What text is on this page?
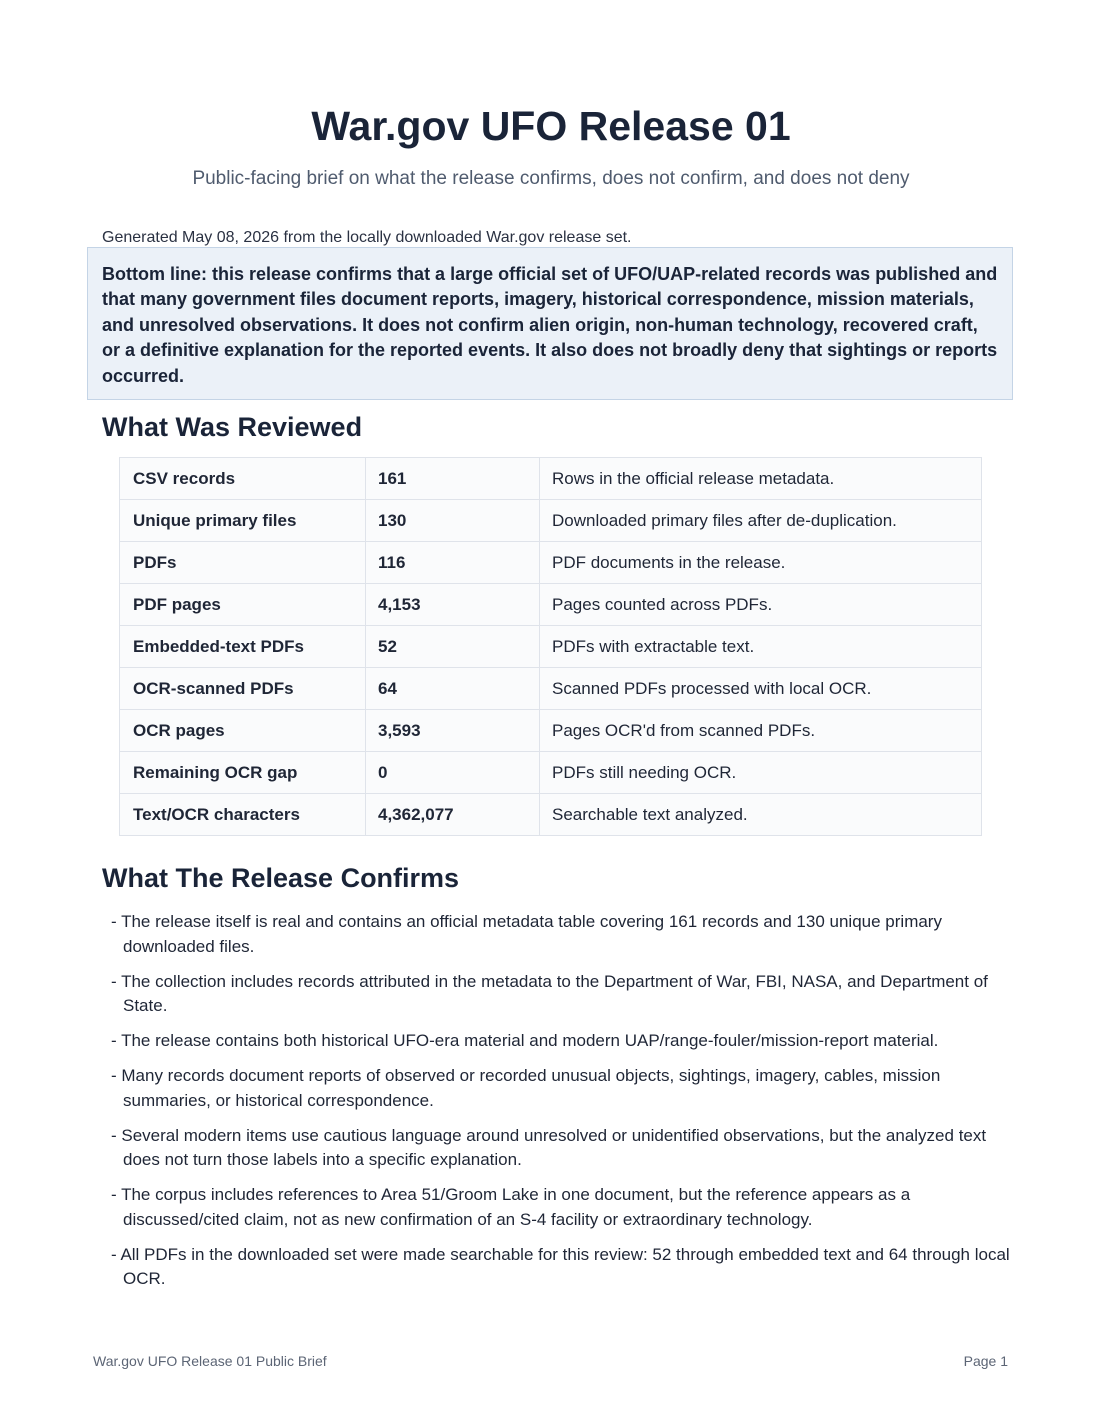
War.gov UFO Release 01

Public-facing brief on what the release confirms, does not confirm, and does not deny

Generated May 08, 2026 from the locally downloaded War.gov release set.

Bottom line: this release confirms that a large official set of UFO/UAP-related records was published and that many government files document reports, imagery, historical correspondence, mission materials, and unresolved observations. It does not confirm alien origin, non-human technology, recovered craft, or a definitive explanation for the reported events. It also does not broadly deny that sightings or reports occurred.
What Was Reviewed
CSV records	161	Rows in the official release metadata.
Unique primary files	130	Downloaded primary files after de-duplication.
PDFs	116	PDF documents in the release.
PDF pages	4,153	Pages counted across PDFs.
Embedded-text PDFs	52	PDFs with extractable text.
OCR-scanned PDFs	64	Scanned PDFs processed with local OCR.
OCR pages	3,593	Pages OCR'd from scanned PDFs.
Remaining OCR gap	0	PDFs still needing OCR.
Text/OCR characters	4,362,077	Searchable text analyzed.
What The Release Confirms
- The release itself is real and contains an official metadata table covering 161 records and 130 unique primary downloaded files.
- The collection includes records attributed in the metadata to the Department of War, FBI, NASA, and Department of State.
- The release contains both historical UFO-era material and modern UAP/range-fouler/mission-report material.
- Many records document reports of observed or recorded unusual objects, sightings, imagery, cables, mission summaries, or historical correspondence.
- Several modern items use cautious language around unresolved or unidentified observations, but the analyzed text does not turn those labels into a specific explanation.
- The corpus includes references to Area 51/Groom Lake in one document, but the reference appears as a discussed/cited claim, not as new confirmation of an S-4 facility or extraordinary technology.
- All PDFs in the downloaded set were made searchable for this review: 52 through embedded text and 64 through local OCR.
War.gov UFO Release 01 Public Brief	Page 1
